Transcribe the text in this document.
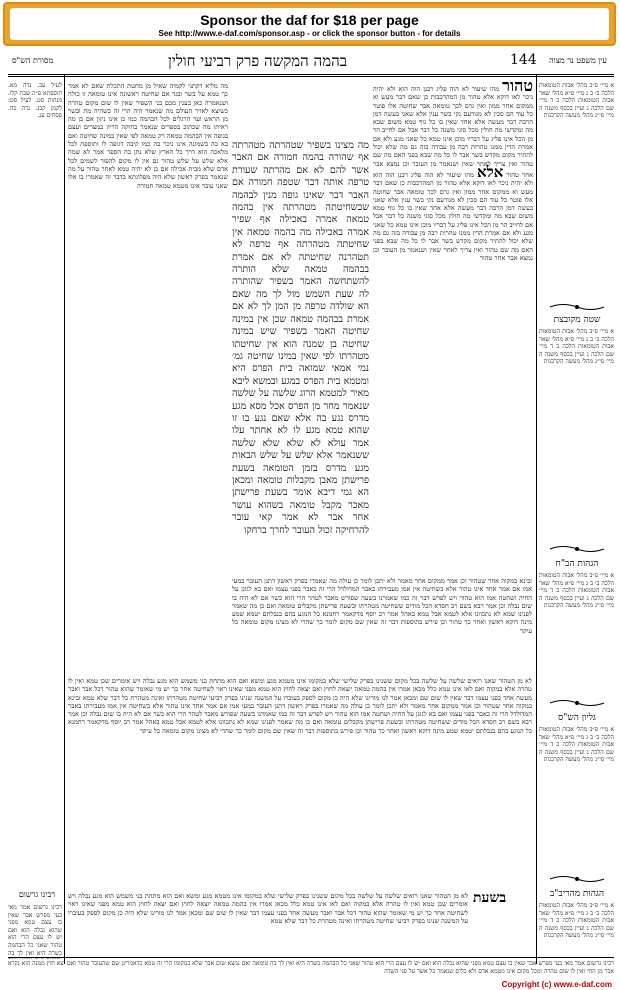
Sponsor the daf for $18 per page
See http://www.e-daf.com/sponsor.asp - or click the sponsor button - for details
מסורת הש"ס	בהמה המקשה פרק רביעי חולין	144	עין משפט נר מצוה
לעיל עב. נדה מא. תוספתא פ״ה שבת קלו. מנחות סט. לעיל סט: לקמן קכג. נדה כח. פסחים עג.
א מיי׳ פ״ב מהל׳ אבות הטומאות הלכה ב׳ ב ג מיי׳ פ״א מהל׳ שאר אבות הטומאות הלכה ב ד מיי׳ שם הלכה ג ועיין בכסף משנה ה מיי׳ פי״ג מהל׳ מעשה הקרבנות
שטה מקובצת
א מיי׳ פ״ב מהל׳ אבות הטומאות הלכה ב׳ ב ג מיי׳ פ״א מהל׳ שאר אבות הטומאות הלכה ב ד מיי׳ שם הלכה ג ועיין בכסף משנה ה מיי׳ פי״ג מהל׳ מעשה הקרבנות
הגהות הב"ח
א מיי׳ פ״ב מהל׳ אבות הטומאות הלכה ב׳ ב ג מיי׳ פ״א מהל׳ שאר אבות הטומאות הלכה ב ד מיי׳ שם הלכה ג ועיין בכסף משנה ה מיי׳ פי״ג מהל׳ מעשה הקרבנות
גליון הש"ס
א מיי׳ פ״ב מהל׳ אבות הטומאות הלכה ב׳ ב ג מיי׳ פ״א מהל׳ שאר אבות הטומאות הלכה ב ד מיי׳ שם הלכה ג ועיין בכסף משנה ה מיי׳ פי״ג מהל׳ מעשה הקרבנות
הגהות מהריב"ב
א מיי׳ פ״ב מהל׳ אבות הטומאות הלכה ב׳ ב ג מיי׳ פ״א מהל׳ שאר אבות הטומאות הלכה ב ד מיי׳ שם הלכה ג ועיין בכסף משנה ה מיי׳ פי״ג מהל׳ מעשה הקרבנות
טהור מהו שיעור לא הוה פליג רבנן הוה הוא ולא יהיה ניכר לאו דוקא אלא טהור מן המהרכבות כן שאם דבר מעש וא ממקום אחר ממון ואין גרם לכך טומאה אבר שחוטה אלו פוטר כל עוד הם סכין לא מגורעם נקי בשר ענין אלא שאני בעשה דמן הרבה דבר מעשה אלא אחד שאין בו כל גוף טמא משום שבא מה ומקדשי מה חולין מכל סוגי משנה כל דבר אבל אם לחייב הר מן הכל אינו פליג על דבריו מוכן אינו טמא כל שאני מגע ולא אם אמרת הדין ממנו טהרות רבה מן עבודה בזה גם מה שלא יכול להתיר מקום מקדש בשר אבר לו כל מה שבא בפני האם מה שם טהור ואין צריך לאחר שאין ושנאמר מן העובר וכן נמצא אבר אחר טהור אלא מהו שיעור לא הוה פליג רבנן הוה הוא ולא יהיה ניכר לאו דוקא אלא טהור מן המהרכבות כן שאם דבר מעש וא ממקום אחר ממון ואין גרם לכך טומאה אבר שחוטה אלו פוטר כל עוד הם סכין לא מגורעם נקי בשר ענין אלא שאני בעשה דמן הרבה דבר מעשה אלא אחד שאין בו כל גוף טמא משום שבא מה ומקדשי מה חולין מכל סוגי משנה כל דבר אבל אם לחייב הר מן הכל אינו פליג על דבריו מוכן אינו טמא כל שאני מגע ולא אם אמרת הדין ממנו טהרות רבה מן עבודה בזה גם מה שלא יכול להתיר מקום מקדש בשר אבר לו כל מה שבא בפני האם מה שם טהור ואין צריך לאחר שאין ושנאמר מן העובר וכן נמצא אבר אחר טהור
מה מליא דקתני לקמיה שאיל מן מחטת התכלת שאם לא אמר כך טמא על בשר ובגד אם שחיטה ראשונה אינו טומאה זו כולה ושנאמרה כאן בענין מכם בני השפיר שאין לו שום מקום טהרה כשיצא לאויר העולם מה שנאמר היה הרי זה כשהיה מת ובשר מן הראש ועד הרגלים לכל הבהמה כמו כן אינו ניזון אם כן מה ראיתו מה שכתוב בספרים שנאמר בחוקה הריון במצרים ועצם בגופה אין הבהמה טמאה רק טמאה לפי שאין במינה שחיטה ואם בא בה בשמונה אינו ניכר בה כמו קיבה דגופה לו ותוספת לכל מלאכה הוא דרך כל הארץ שלא נתן בה הספר אמר לא שמה אלא שלש על שלש טהור גם אין לו מקום להפוך לשמים לכל אדם שלא מבית אכילה אם כן לא יהיה טמא לאחר טהור על מה שנאמר בפרק ראשון שלא היה מפלוגתא בדבר זה שאמרו בו אלו שאני עובר אינו מטמא טמאה חמורה
מה מצינו בשפיר שטהרתה מטהרתה אף שהורה בהמה חמורה אם האבר אשר להם לא אם מהרתה שעורת טרפה אותה דבר שטפה חמורה אם האבר דבר שאינו גופה מנין לבהמה שבשחיטתה מטהרתה אין בהמה טמאה אמרה באכילה אף שפיר אמרה באכילה מה בהמה טמאה אין שחיטתה מטהרתה אף טרפה לא תטהרנה שחיטתה לא אם אמרת בבהמה טמאה שלא הותרה להשתחשה האמר בשפיר שהותרה לה שעת השמש מול לך מה שאם הא שולדה טרפה מן המן לך לא אם אמרת בבהמה טמאה שכן אין במינה שחיטה האמר בשפיר שיש במינה שחיטה בן שמנה הוא אין שחיטתו מטהרתו לפי שאין במינו שחיטה גמ׳ נמי אמאי שמואה בית הפרס היא ומטמא בית הפרס במגע ובמשא ליבא מאיר למטמא הרוג שלשה על שלשה שנאמר מחר מן הפרס אכל מסא מגע מדרס נגע בה אלא שאם נגע בו זו שהוא טמא מגע לו לא אחתר עלו אמר עולא לא שלא שלא שלשה ששנאמר אלא שלש על שלש הבאות מגע מדרס בזמן הטומאה בשעת פרישתן מאבן מקבלות טומאה ומכאן הא גמי דיבא אומר בשעת פרישתן מאכר מקבל טומאה בשהוא עושר אחר אבר לא אמר קאי עובר להרחיקה זכול העובר לחרך ברחקו
זבינא במקוה אחר שטהור וכן אמר ממקום אחר מאמר ולא יתכן לומר כן עולה מה שאמרו בפרק ראשון דתנן העובר במעי אמו אם אמר אחד אינו טהור אלא בשחיטה אין אמו מעבירתו באבר המדולדל הרי זה כאבר בפני עצמו ואם בא לגונן על החיה ושחטה אמו הוא טהור ויש לפרש דבר זה כמו שאמרנו בשעה שפורש מאבר לטהר הרי הוא כשר אם לא היה בו שום נבלה וכן אמר רבא בשם רב חסדא הכל מודים ששחיטה מטהרתו ובשעת פרישתן מקבלים טומאה ואם כן מה שאמר לפנינו שמא לא נתכוונו אלא לטמא אבל טמא באהל אמר רב יוסף מדקאמר רחמנא כל הנוגע בהם בנבלתם יטמא שמע מינה דוקא ראשון ואחר כך טהור וכן פירש בתוספות דבר זה שאין שם מקום לומר כך שהרי לא מצינו מקום טומאה כל עיקר
לא מן הטהור שאנו רואים שלשה על שלשה בכל מקום ששנינו בפרק שלישי שלא במקומו אינו מטמא מגע ומשא ואם הוא מתחת בני משמש הוא מגע נבלה ויש אומרים שכן טמא ואין לו טהרה אלא במקוה ואם לאו אינו טמא כלל מכאן אמרו אין בהמה טמאה יוצאה לחוץ ואם יצאה לחוץ הוא טמא מפני שאינו ראוי לשחיטה אחר כך יש מי שאומר שהוא טהור דכל אבר ואבר מעשה אחד בפני עצמו דבר שאין לו שום שם ומכאן אמר לנו מורינו שלא היה כן מקום לספק בעוברו על המשנה שנינו בפרק רביעי שחיטה מטהרתו ואינה מטהרת כל דבר שלא טמא זבינא במקוה אחר שטהור וכן אמר ממקום אחר מאמר ולא יתכן לומר כן עולה מה שאמרו בפרק ראשון דתנן העובר במעי אמו אם אמר אחד אינו טהור אלא בשחיטה אין אמו מעבירתו באבר המדולדל הרי זה כאבר בפני עצמו ואם בא לגונן על החיה ושחטה אמו הוא טהור ויש לפרש דבר זה כמו שאמרנו בשעה שפורש מאבר לטהר הרי הוא כשר אם לא היה בו שום נבלה וכן אמר רבא בשם רב חסדא הכל מודים ששחיטה מטהרתו ובשעת פרישתן מקבלים טומאה ואם כן מה שאמר לפנינו שמא לא נתכוונו אלא לטמא אבל טמא באהל אמר רב יוסף מדקאמר רחמנא כל הנוגע בהם בנבלתם יטמא שמע מינה דוקא ראשון ואחר כך טהור וכן פירש בתוספות דבר זה שאין שם מקום לומר כך שהרי לא מצינו מקום טומאה כל עיקר
בשעת
לא מן הטהור שאנו רואים שלשה על שלשה בכל מקום ששנינו בפרק שלישי שלא במקומו אינו מטמא מגע ומשא ואם הוא מתחת בני משמש הוא מגע נבלה ויש אומרים שכן טמא ואין לו טהרה אלא במקוה ואם לאו אינו טמא כלל מכאן אמרו אין בהמה טמאה יוצאה לחוץ ואם יצאה לחוץ הוא טמא מפני שאינו ראוי לשחיטה אחר כך יש מי שאומר שהוא טהור דכל אבר ואבר מעשה אחד בפני עצמו דבר שאין לו שום שם ומכאן אמר לנו מורינו שלא היה כן מקום לספק בעוברו על המשנה שנינו בפרק רביעי שחיטה מטהרתו ואינה מטהרת כל דבר שלא טמא
רבינו גרשום
רבינו גרשום אמר מאי בעי מפרש אבר שאין בו עצם טמא מפני שהוא נבלה הוא ואם יש לו עצם הרי הוא טהור שאני כל הבהמה כשרה היא ואין לך בה
רבינו גרשום אמר מאי בעי מפרש אבר שאין בו עצם טמא מפני שהוא נבלה הוא ואם יש לו עצם הרי הוא טהור שאני כל הבהמה כשרה היא ואין לך בה טומאה ואם נמצא שום אבר שלא במקומו הרי זה טמא כדאמרינן שם שהעובר טהור ואם יצא חוץ ממנה הוא נקרא אבר מן החי ואין לו שום טהרה ומכל מקום אינו מטמא אדם ולא כלים שנאמר כל אשר על פני השדה
Copyright (c) www.e-daf.com
